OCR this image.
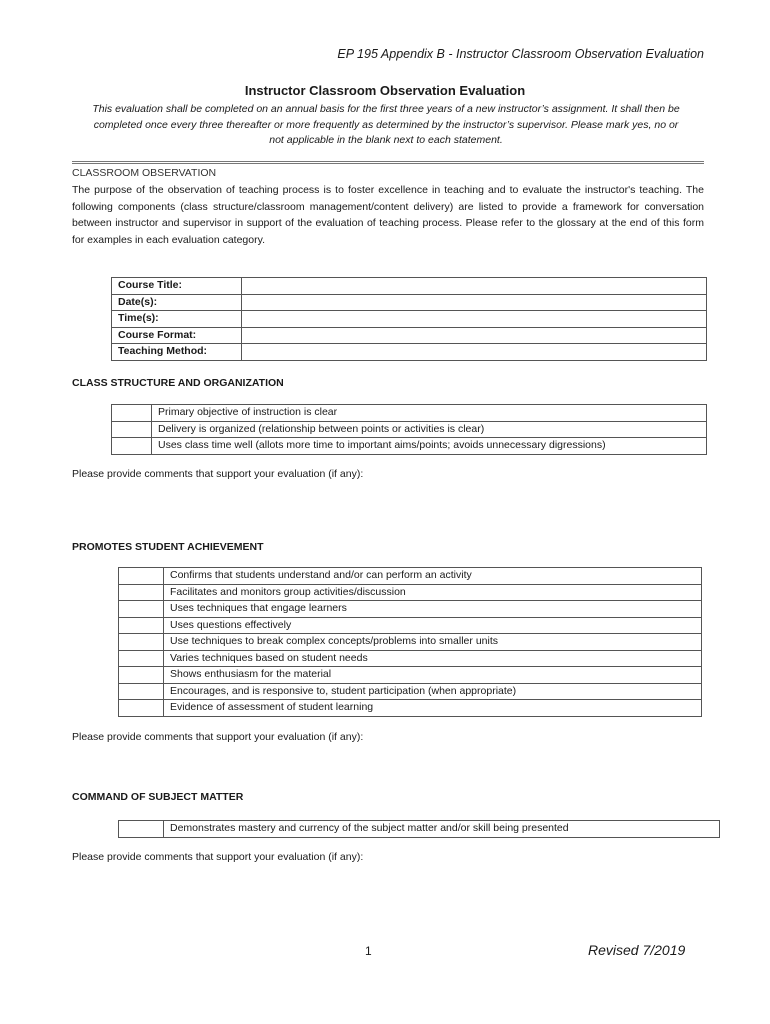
EP 195 Appendix B - Instructor Classroom Observation Evaluation
Instructor Classroom Observation Evaluation
This evaluation shall be completed on an annual basis for the first three years of a new instructor’s assignment. It shall then be completed once every three thereafter or more frequently as determined by the instructor’s supervisor. Please mark yes, no or not applicable in the blank next to each statement.
CLASSROOM OBSERVATION
The purpose of the observation of teaching process is to foster excellence in teaching and to evaluate the instructor's teaching. The following components (class structure/classroom management/content delivery) are listed to provide a framework for conversation between instructor and supervisor in support of the evaluation of teaching process. Please refer to the glossary at the end of this form for examples in each evaluation category.
Course Title:	
Date(s):	
Time(s):	
Course Format:	
Teaching Method:	
CLASS STRUCTURE AND ORGANIZATION
	Primary objective of instruction is clear
	Delivery is organized (relationship between points or activities is clear)
	Uses class time well (allots more time to important aims/points; avoids unnecessary digressions)
Please provide comments that support your evaluation (if any):
PROMOTES STUDENT ACHIEVEMENT
	Confirms that students understand and/or can perform an activity
	Facilitates and monitors group activities/discussion
	Uses techniques that engage learners
	Uses questions effectively
	Use techniques to break complex concepts/problems into smaller units
	Varies techniques based on student needs
	Shows enthusiasm for the material
	Encourages, and is responsive to, student participation (when appropriate)
	Evidence of assessment of student learning
Please provide comments that support your evaluation (if any):
COMMAND OF SUBJECT MATTER
	Demonstrates mastery and currency of the subject matter and/or skill being presented
Please provide comments that support your evaluation (if any):
1	Revised 7/2019
